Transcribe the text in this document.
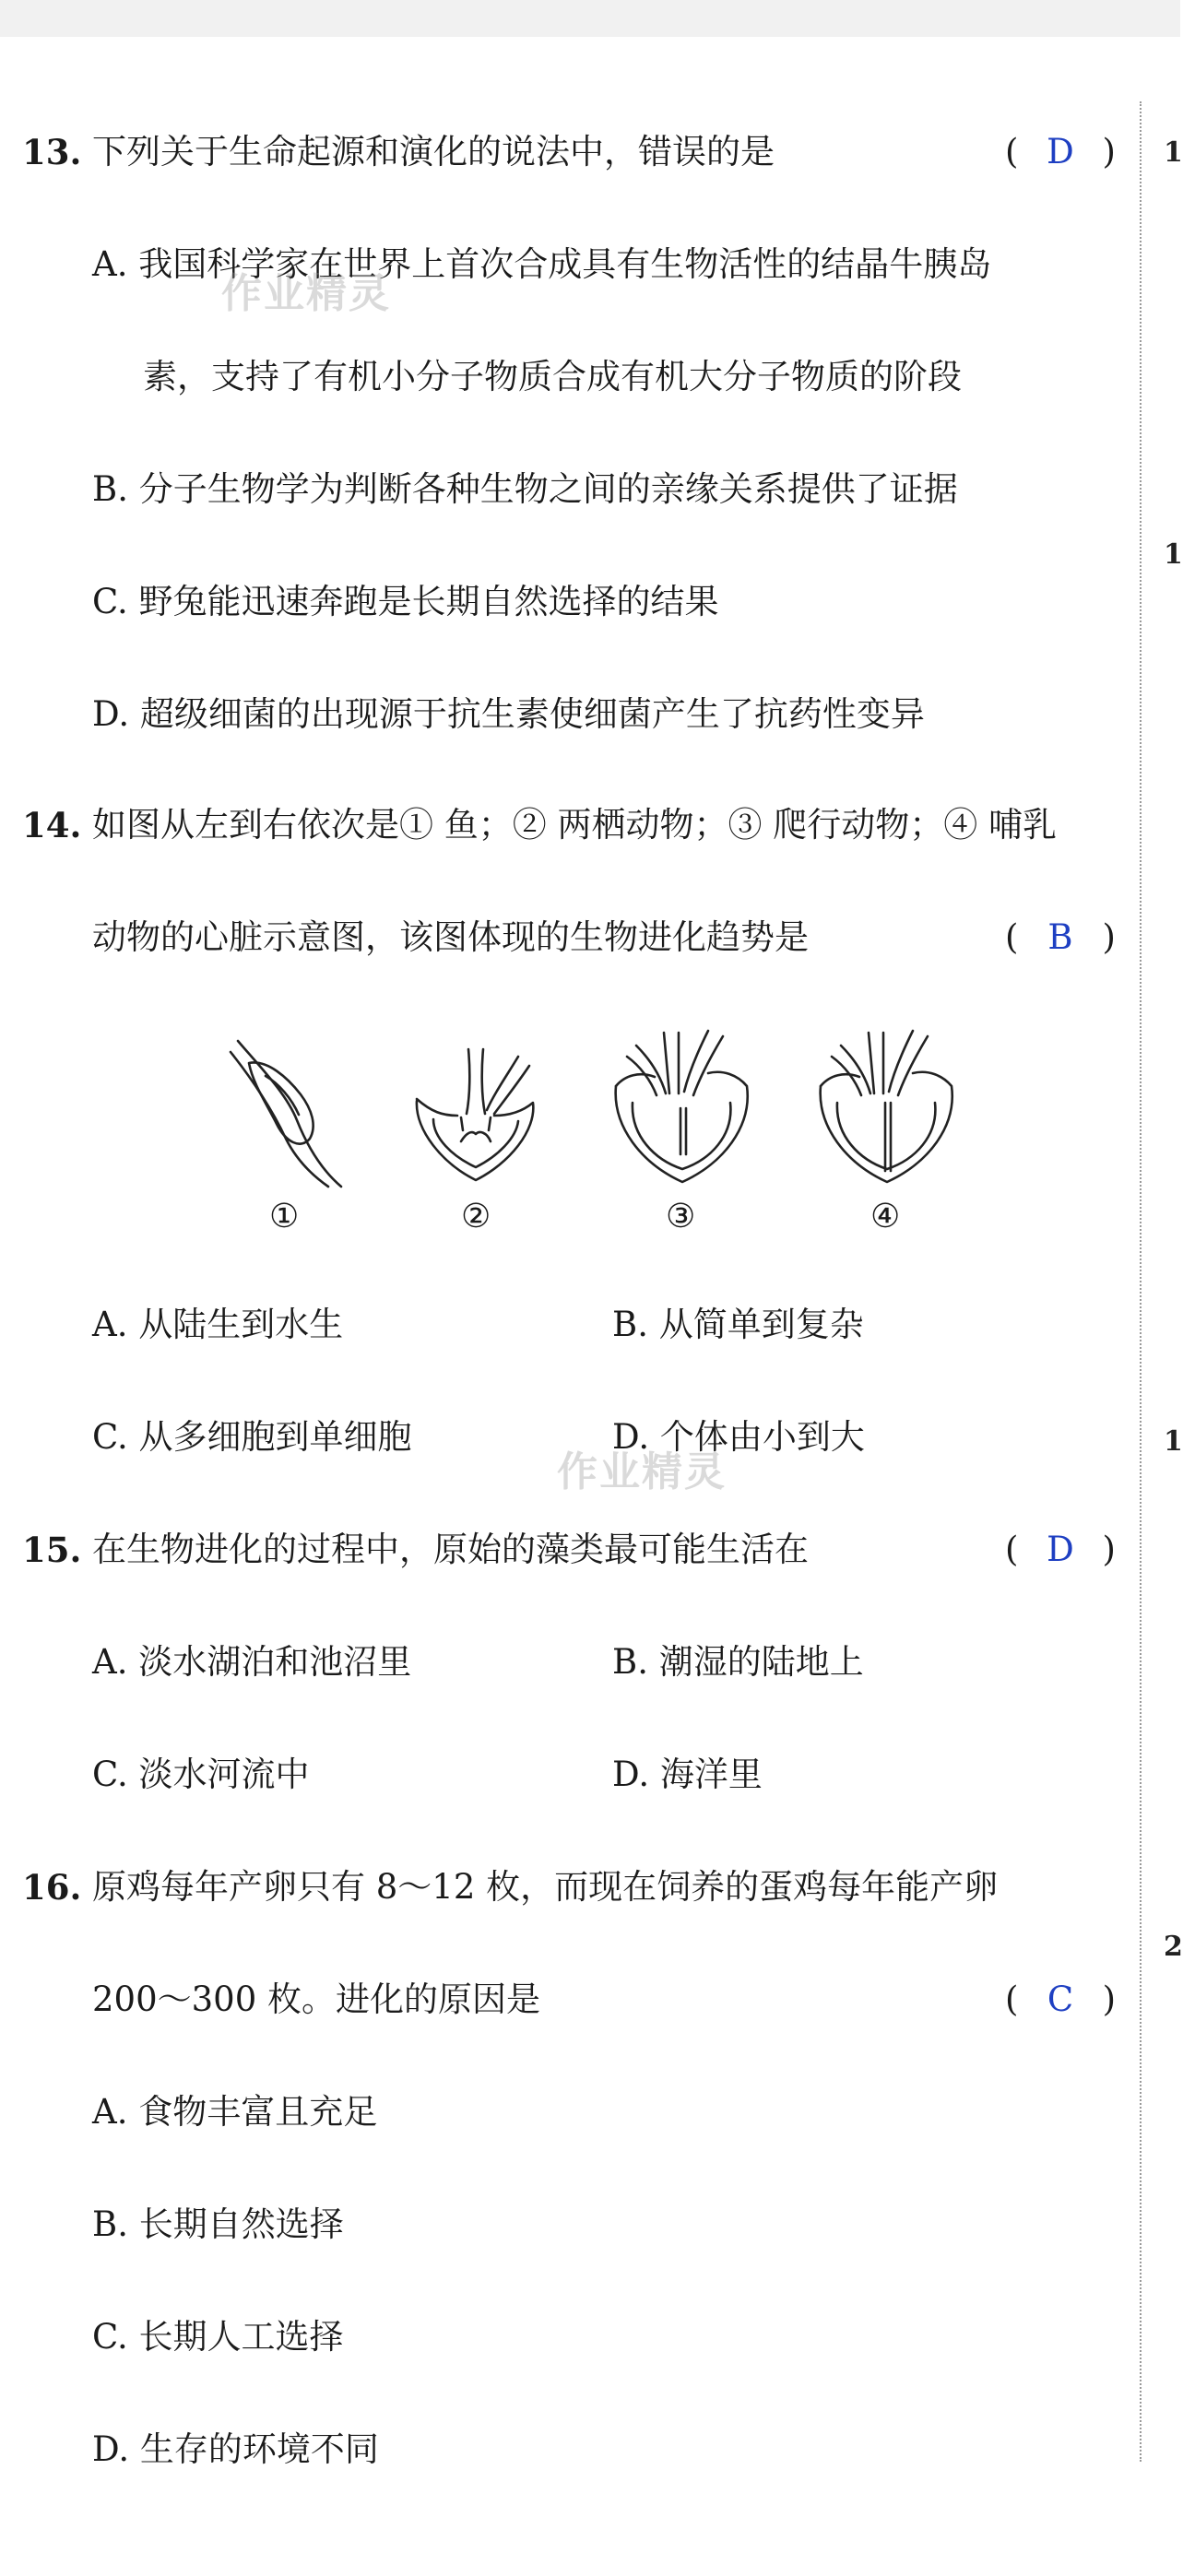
1
1
1
2
13. 下列关于生命起源和演化的说法中，错误的是	( D )
A. 我国科学家在世界上首次合成具有生物活性的结晶牛胰岛
素，支持了有机小分子物质合成有机大分子物质的阶段
B. 分子生物学为判断各种生物之间的亲缘关系提供了证据
C. 野兔能迅速奔跑是长期自然选择的结果
D. 超级细菌的出现源于抗生素使细菌产生了抗药性变异
作业精灵
14. 如图从左到右依次是① 鱼；② 两栖动物；③ 爬行动物；④ 哺乳
动物的心脏示意图，该图体现的生物进化趋势是	( B )
①	②	③	④
A. 从陆生到水生	B. 从简单到复杂
C. 从多细胞到单细胞	D. 个体由小到大
作业精灵
15. 在生物进化的过程中，原始的藻类最可能生活在	( D )
A. 淡水湖泊和池沼里	B. 潮湿的陆地上
C. 淡水河流中	D. 海洋里
16. 原鸡每年产卵只有 8～12 枚，而现在饲养的蛋鸡每年能产卵
200～300 枚。进化的原因是	( C )
A. 食物丰富且充足
B. 长期自然选择
C. 长期人工选择
D. 生存的环境不同
